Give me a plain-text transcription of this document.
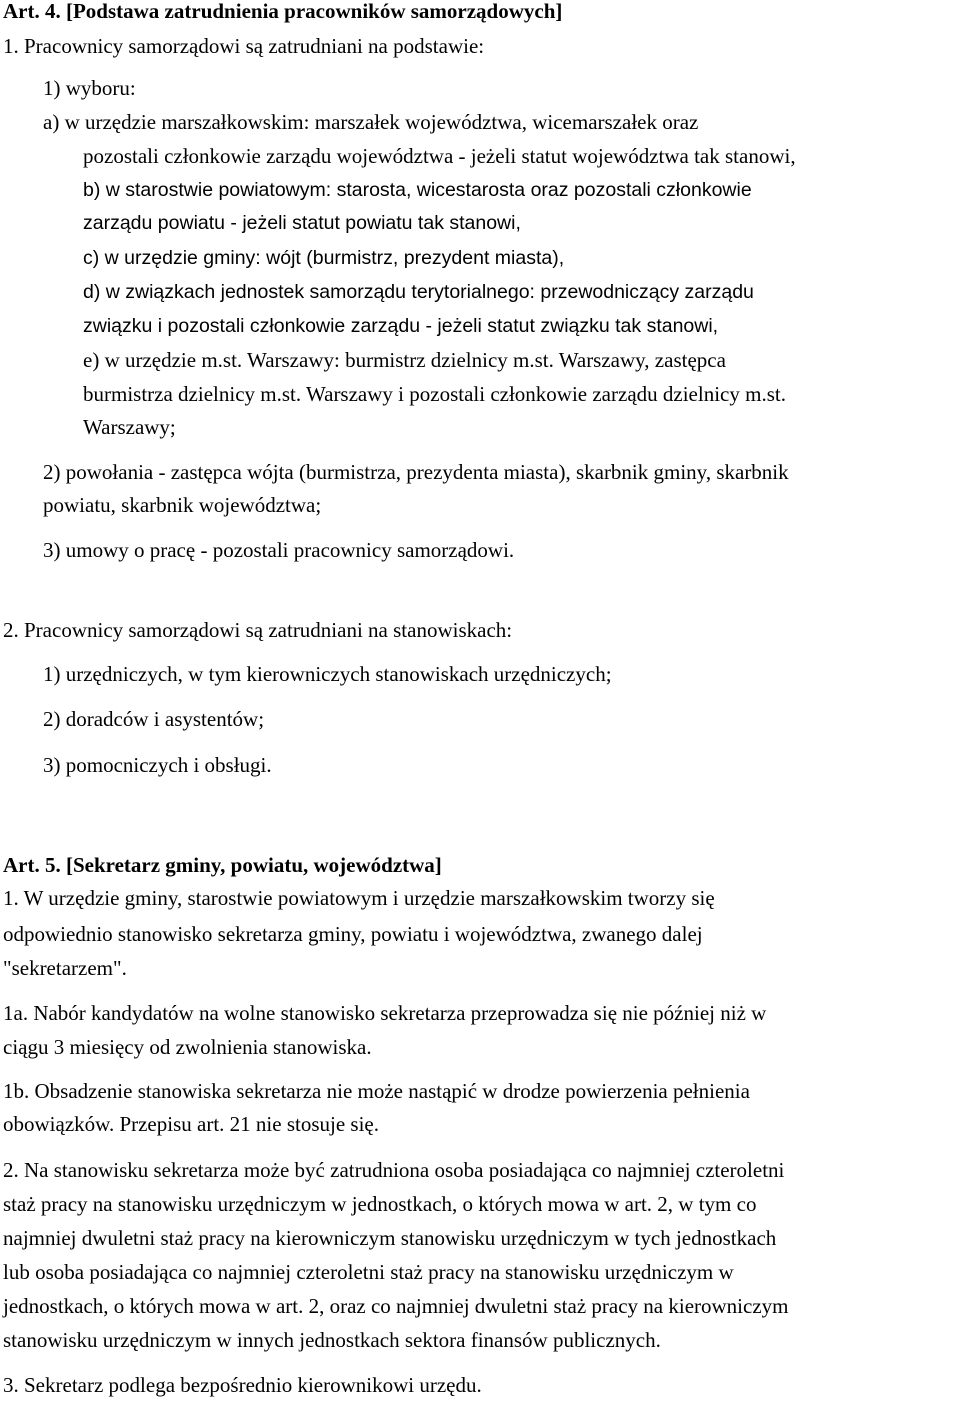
Art. 4. [Podstawa zatrudnienia pracowników samorządowych]
1. Pracownicy samorządowi są zatrudniani na podstawie:
1) wyboru:
a) w urzędzie marszałkowskim: marszałek województwa, wicemarszałek oraz
pozostali członkowie zarządu województwa - jeżeli statut województwa tak stanowi,
b) w starostwie powiatowym: starosta, wicestarosta oraz pozostali członkowie
zarządu powiatu - jeżeli statut powiatu tak stanowi,
c) w urzędzie gminy: wójt (burmistrz, prezydent miasta),
d) w związkach jednostek samorządu terytorialnego: przewodniczący zarządu
związku i pozostali członkowie zarządu - jeżeli statut związku tak stanowi,
e) w urzędzie m.st. Warszawy: burmistrz dzielnicy m.st. Warszawy, zastępca
burmistrza dzielnicy m.st. Warszawy i pozostali członkowie zarządu dzielnicy m.st.
Warszawy;
2) powołania - zastępca wójta (burmistrza, prezydenta miasta), skarbnik gminy, skarbnik
powiatu, skarbnik województwa;
3) umowy o pracę - pozostali pracownicy samorządowi.
2. Pracownicy samorządowi są zatrudniani na stanowiskach:
1) urzędniczych, w tym kierowniczych stanowiskach urzędniczych;
2) doradców i asystentów;
3) pomocniczych i obsługi.
Art. 5. [Sekretarz gminy, powiatu, województwa]
1. W urzędzie gminy, starostwie powiatowym i urzędzie marszałkowskim tworzy się
odpowiednio stanowisko sekretarza gminy, powiatu i województwa, zwanego dalej
"sekretarzem".
1a. Nabór kandydatów na wolne stanowisko sekretarza przeprowadza się nie później niż w
ciągu 3 miesięcy od zwolnienia stanowiska.
1b. Obsadzenie stanowiska sekretarza nie może nastąpić w drodze powierzenia pełnienia
obowiązków. Przepisu art. 21 nie stosuje się.
2. Na stanowisku sekretarza może być zatrudniona osoba posiadająca co najmniej czteroletni
staż pracy na stanowisku urzędniczym w jednostkach, o których mowa w art. 2, w tym co
najmniej dwuletni staż pracy na kierowniczym stanowisku urzędniczym w tych jednostkach
lub osoba posiadająca co najmniej czteroletni staż pracy na stanowisku urzędniczym w
jednostkach, o których mowa w art. 2, oraz co najmniej dwuletni staż pracy na kierowniczym
stanowisku urzędniczym w innych jednostkach sektora finansów publicznych.
3. Sekretarz podlega bezpośrednio kierownikowi urzędu.
